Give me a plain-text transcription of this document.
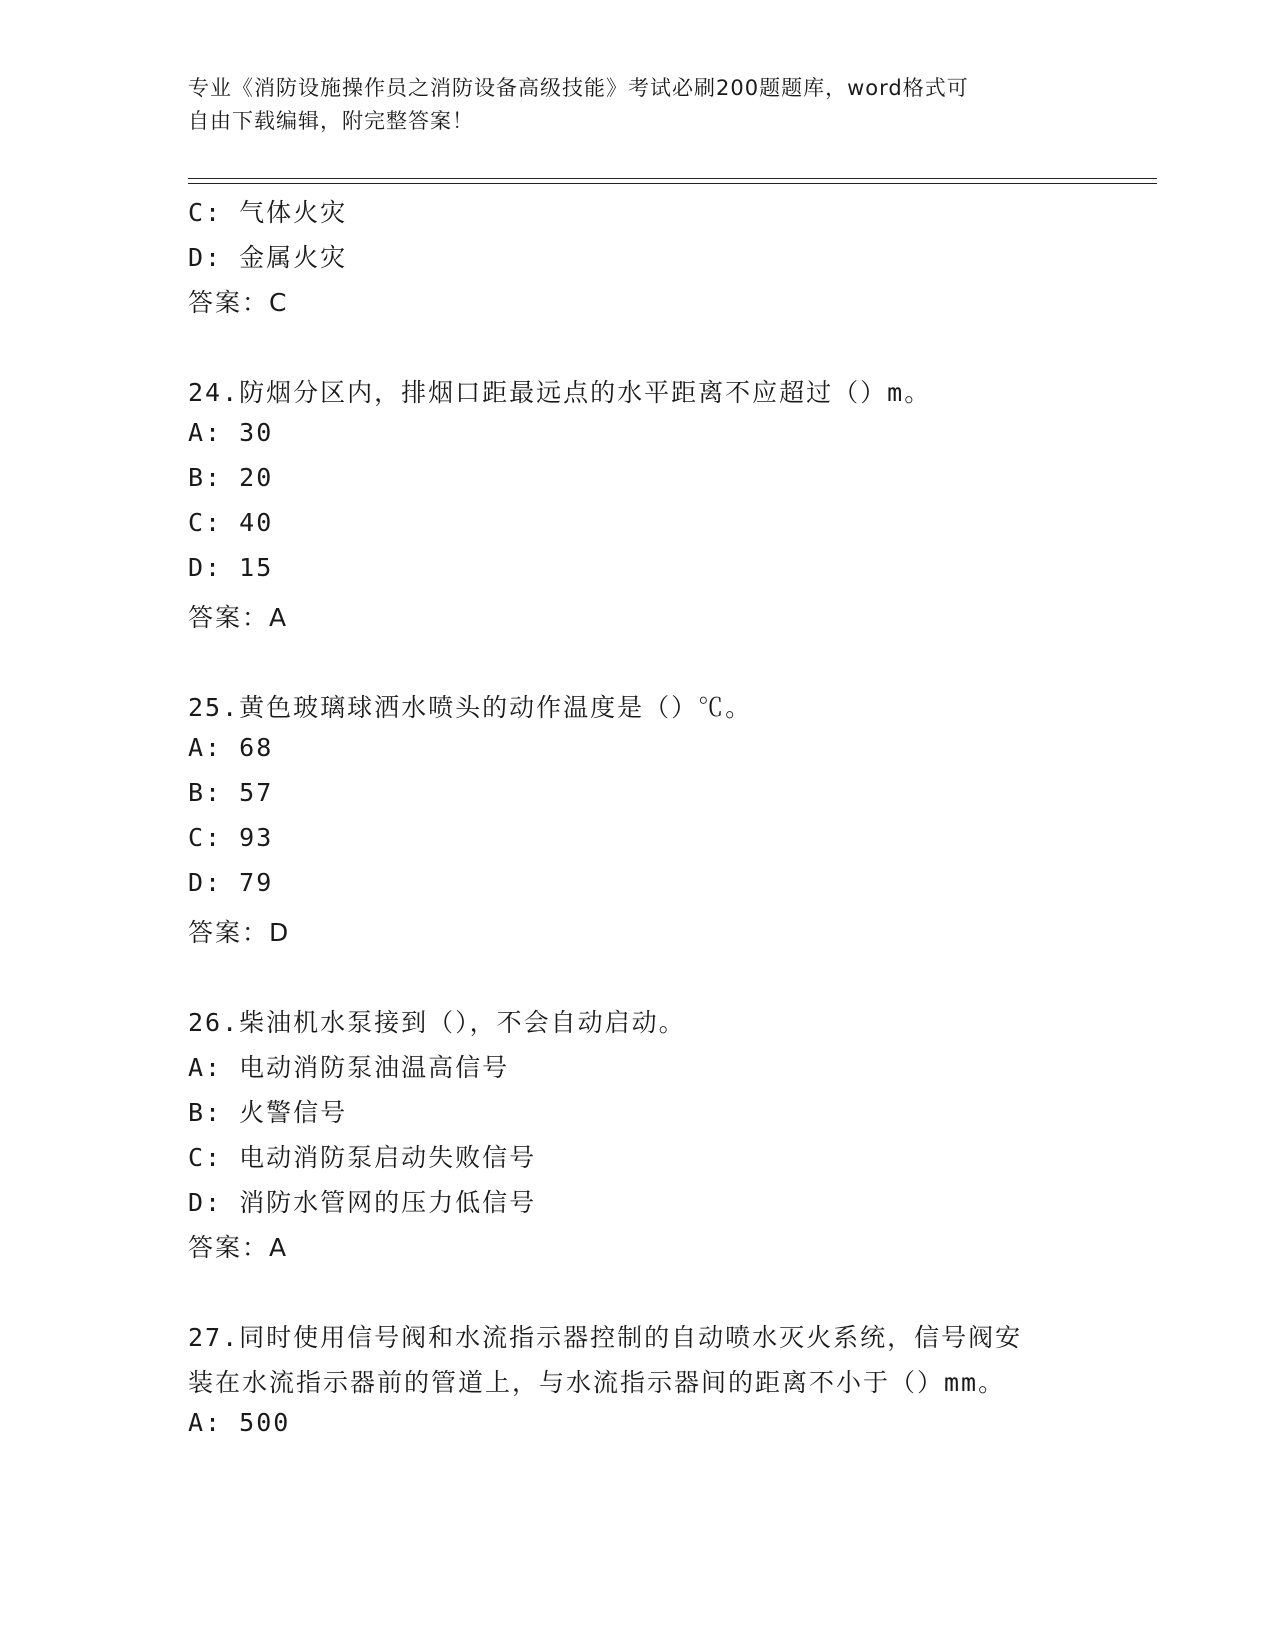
专业《消防设施操作员之消防设备高级技能》考试必刷200题题库，word格式可
自由下载编辑，附完整答案！
C: 气体火灾
D: 金属火灾
答案：C
24.防烟分区内，排烟口距最远点的水平距离不应超过（）m。
A: 30
B: 20
C: 40
D: 15
答案：A
25.黄色玻璃球洒水喷头的动作温度是（）℃。
A: 68
B: 57
C: 93
D: 79
答案：D
26.柴油机水泵接到（），不会自动启动。
A: 电动消防泵油温高信号
B: 火警信号
C: 电动消防泵启动失败信号
D: 消防水管网的压力低信号
答案：A
27.同时使用信号阀和水流指示器控制的自动喷水灭火系统，信号阀安
装在水流指示器前的管道上，与水流指示器间的距离不小于（）mm。
A: 500
